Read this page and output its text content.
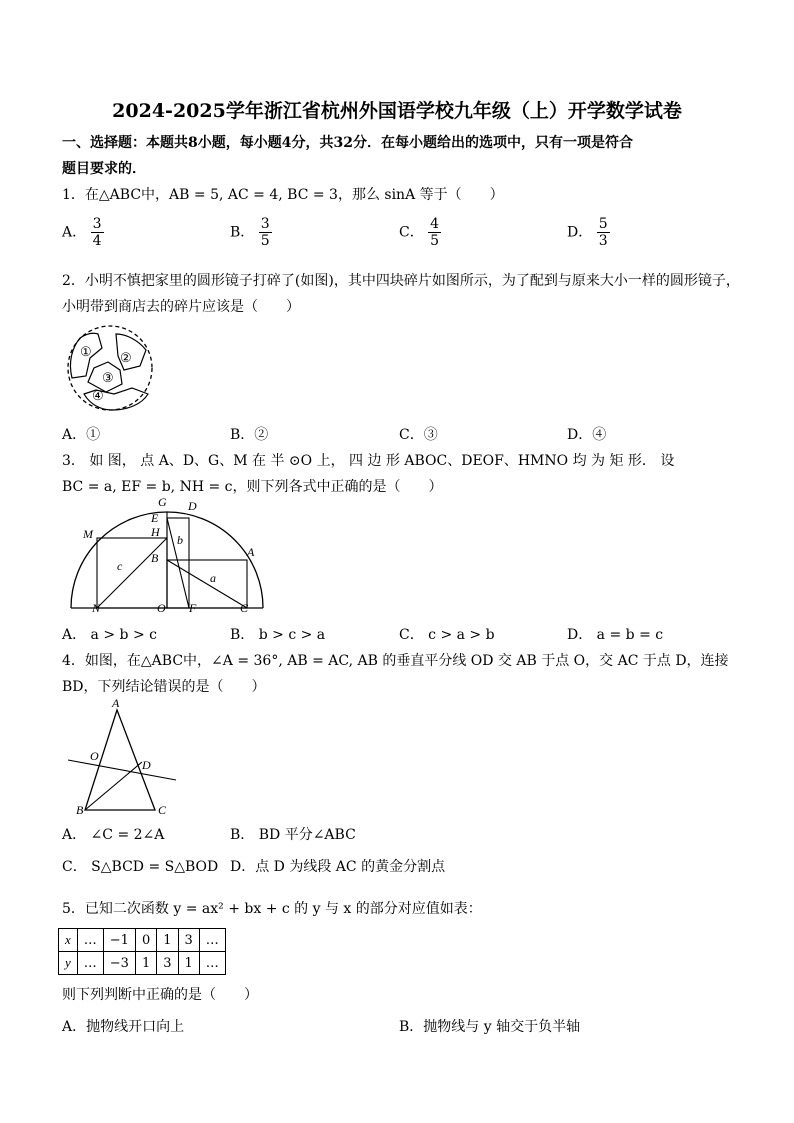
2024-2025学年浙江省杭州外国语学校九年级（上）开学数学试卷
一、选择题：本题共8小题，每小题4分，共32分．在每小题给出的选项中，只有一项是符合
题目要求的．
1．在△ABC中，AB = 5, AC = 4, BC = 3，那么 sinA 等于（　　）
A． $\frac{3}{4}$	B． $\frac{3}{5}$	C． $\frac{4}{5}$	D． $\frac{5}{3}$
2．小明不慎把家里的圆形镜子打碎了(如图)，其中四块碎片如图所示，为了配到与原来大小一样的圆形镜子，
小明带到商店去的碎片应该是（　　）
① ②
③
④
A．①	B．②	C．③	D．④
3． 如 图， 点 A、D、G、M 在 半 ⊙O 上， 四 边 形 ABOC、DEOF、HMNO 均 为 矩 形． 设
BC = a, EF = b, NH = c，则下列各式中正确的是（　　）
G D
E
H
M
A
B
N	O F	C
a
b
c
A． a > b > c	B． b > c > a	C． c > a > b	D． a = b = c
4．如图，在△ABC中，∠A = 36°, AB = AC, AB 的垂直平分线 OD 交 AB 于点 O，交 AC 于点 D，连接
BD，下列结论错误的是（　　）
A
O
D
B	C
A． ∠C = 2∠A	B． BD 平分∠ABC
C． S△BCD = S△BOD D．点 D 为线段 AC 的黄金分割点
5．已知二次函数 y = ax² + bx + c 的 y 与 x 的部分对应值如表：
x	…	−1	0	1	3	…
y	…	−3	1	3	1	…
则下列判断中正确的是（　　）
A．抛物线开口向上	B．抛物线与 y 轴交于负半轴
